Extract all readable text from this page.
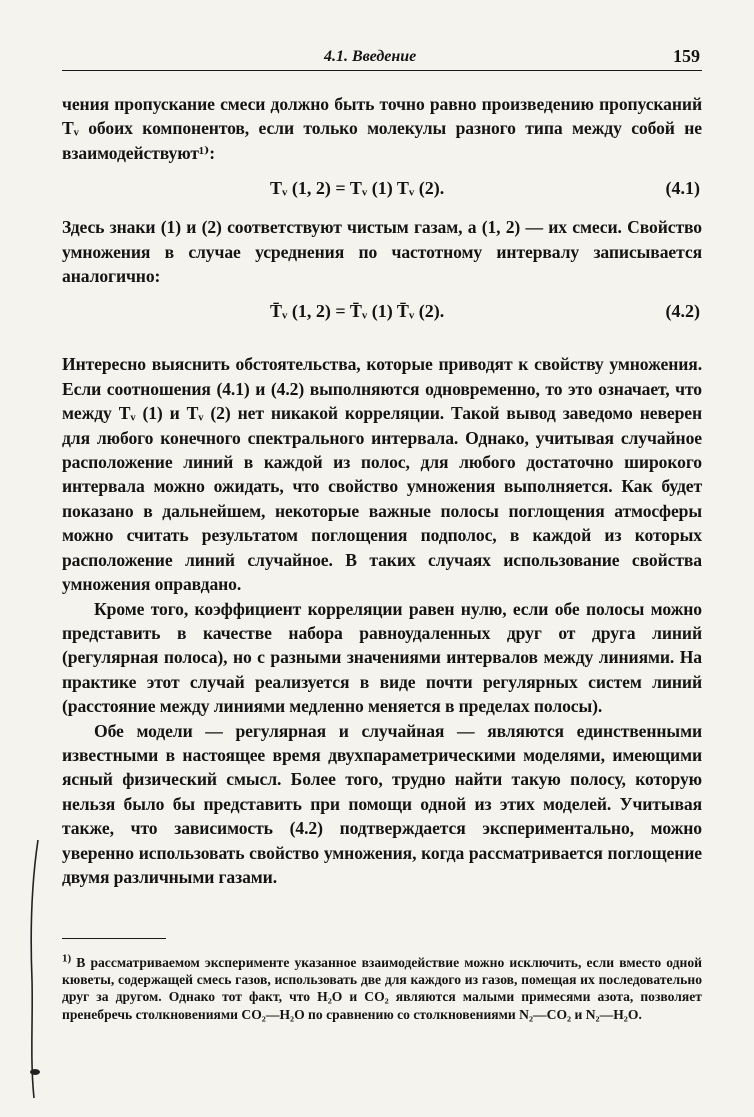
4.1. Введение	159

чения пропускание смеси должно быть точно равно произведению пропусканий Tᵥ обоих компонентов, если только молекулы разного типа между собой не взаимодействуют¹⁾:

Tᵥ (1, 2) = Tᵥ (1) Tᵥ (2).	(4.1)

Здесь знаки (1) и (2) соответствуют чистым газам, а (1, 2) — их смеси. Свойство умножения в случае усреднения по частотному интервалу записывается аналогично:

T̄ᵥ (1, 2) = T̄ᵥ (1) T̄ᵥ (2).	(4.2)

Интересно выяснить обстоятельства, которые приводят к свойству умножения. Если соотношения (4.1) и (4.2) выполняются одновременно, то это означает, что между Tᵥ (1) и Tᵥ (2) нет никакой корреляции. Такой вывод заведомо неверен для любого конечного спектрального интервала. Однако, учитывая случайное расположение линий в каждой из полос, для любого достаточно широкого интервала можно ожидать, что свойство умножения выполняется. Как будет показано в дальнейшем, некоторые важные полосы поглощения атмосферы можно считать результатом поглощения подполос, в каждой из которых расположение линий случайное. В таких случаях использование свойства умножения оправдано.

Кроме того, коэффициент корреляции равен нулю, если обе полосы можно представить в качестве набора равноудаленных друг от друга линий (регулярная полоса), но с разными значениями интервалов между линиями. На практике этот случай реализуется в виде почти регулярных систем линий (расстояние между линиями медленно меняется в пределах полосы).

Обе модели — регулярная и случайная — являются единственными известными в настоящее время двухпараметрическими моделями, имеющими ясный физический смысл. Более того, трудно найти такую полосу, которую нельзя было бы представить при помощи одной из этих моделей. Учитывая также, что зависимость (4.2) подтверждается экспериментально, можно уверенно использовать свойство умножения, когда рассматривается поглощение двумя различными газами.

$^{1)}$ В рассматриваемом эксперименте указанное взаимодействие можно исключить, если вместо одной кюветы, содержащей смесь газов, использовать две для каждого из газов, помещая их последовательно друг за другом. Однако тот факт, что H₂O и CO₂ являются малыми примесями азота, позволяет пренебречь столкновениями CO₂—H₂O по сравнению со столкновениями N₂—CO₂ и N₂—H₂O.
